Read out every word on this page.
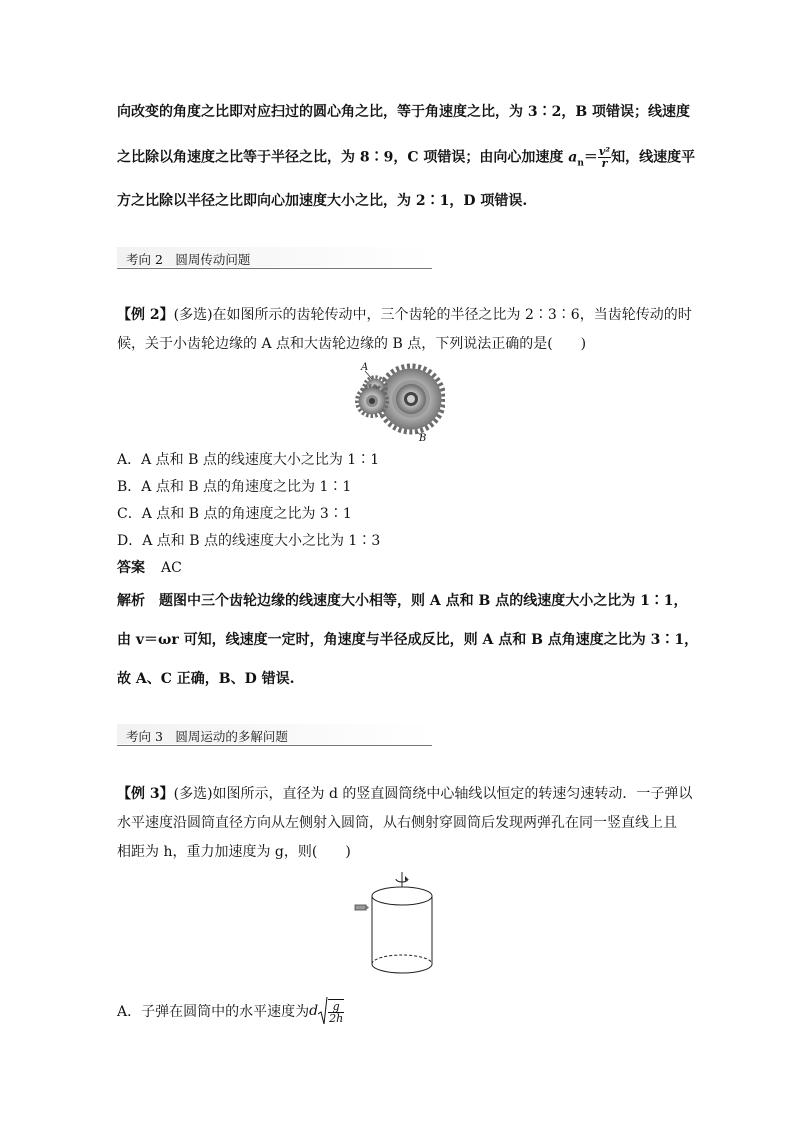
向改变的角度之比即对应扫过的圆心角之比，等于角速度之比，为 3∶2，B 项错误；线速度
之比除以角速度之比等于半径之比，为 8∶9，C 项错误；由向心加速度 $a_n= \frac{\text{v²}}{r}$ 知，线速度平
方之比除以半径之比即向心加速度大小之比，为 2∶1，D 项错误.
考向 2　圆周传动问题
【例 2】(多选)在如图所示的齿轮传动中，三个齿轮的半径之比为 2∶3∶6，当齿轮传动的时
候，关于小齿轮边缘的 A 点和大齿轮边缘的 B 点，下列说法正确的是(　　)
A
B
A．A 点和 B 点的线速度大小之比为 1∶1
B．A 点和 B 点的角速度之比为 1∶1
C．A 点和 B 点的角速度之比为 3∶1
D．A 点和 B 点的线速度大小之比为 1∶3
答案 AC
解析 题图中三个齿轮边缘的线速度大小相等，则 A 点和 B 点的线速度大小之比为 1∶1，
由 v＝ωr 可知，线速度一定时，角速度与半径成反比，则 A 点和 B 点角速度之比为 3∶1，
故 A、C 正确，B、D 错误.
考向 3　圆周运动的多解问题
【例 3】(多选)如图所示，直径为 d 的竖直圆筒绕中心轴线以恒定的转速匀速转动．一子弹以
水平速度沿圆筒直径方向从左侧射入圆筒，从右侧射穿圆筒后发现两弹孔在同一竖直线上且
相距为 h，重力加速度为 g，则(　　)
A．子弹在圆筒中的水平速度为 d $\frac{g}{2h}$
